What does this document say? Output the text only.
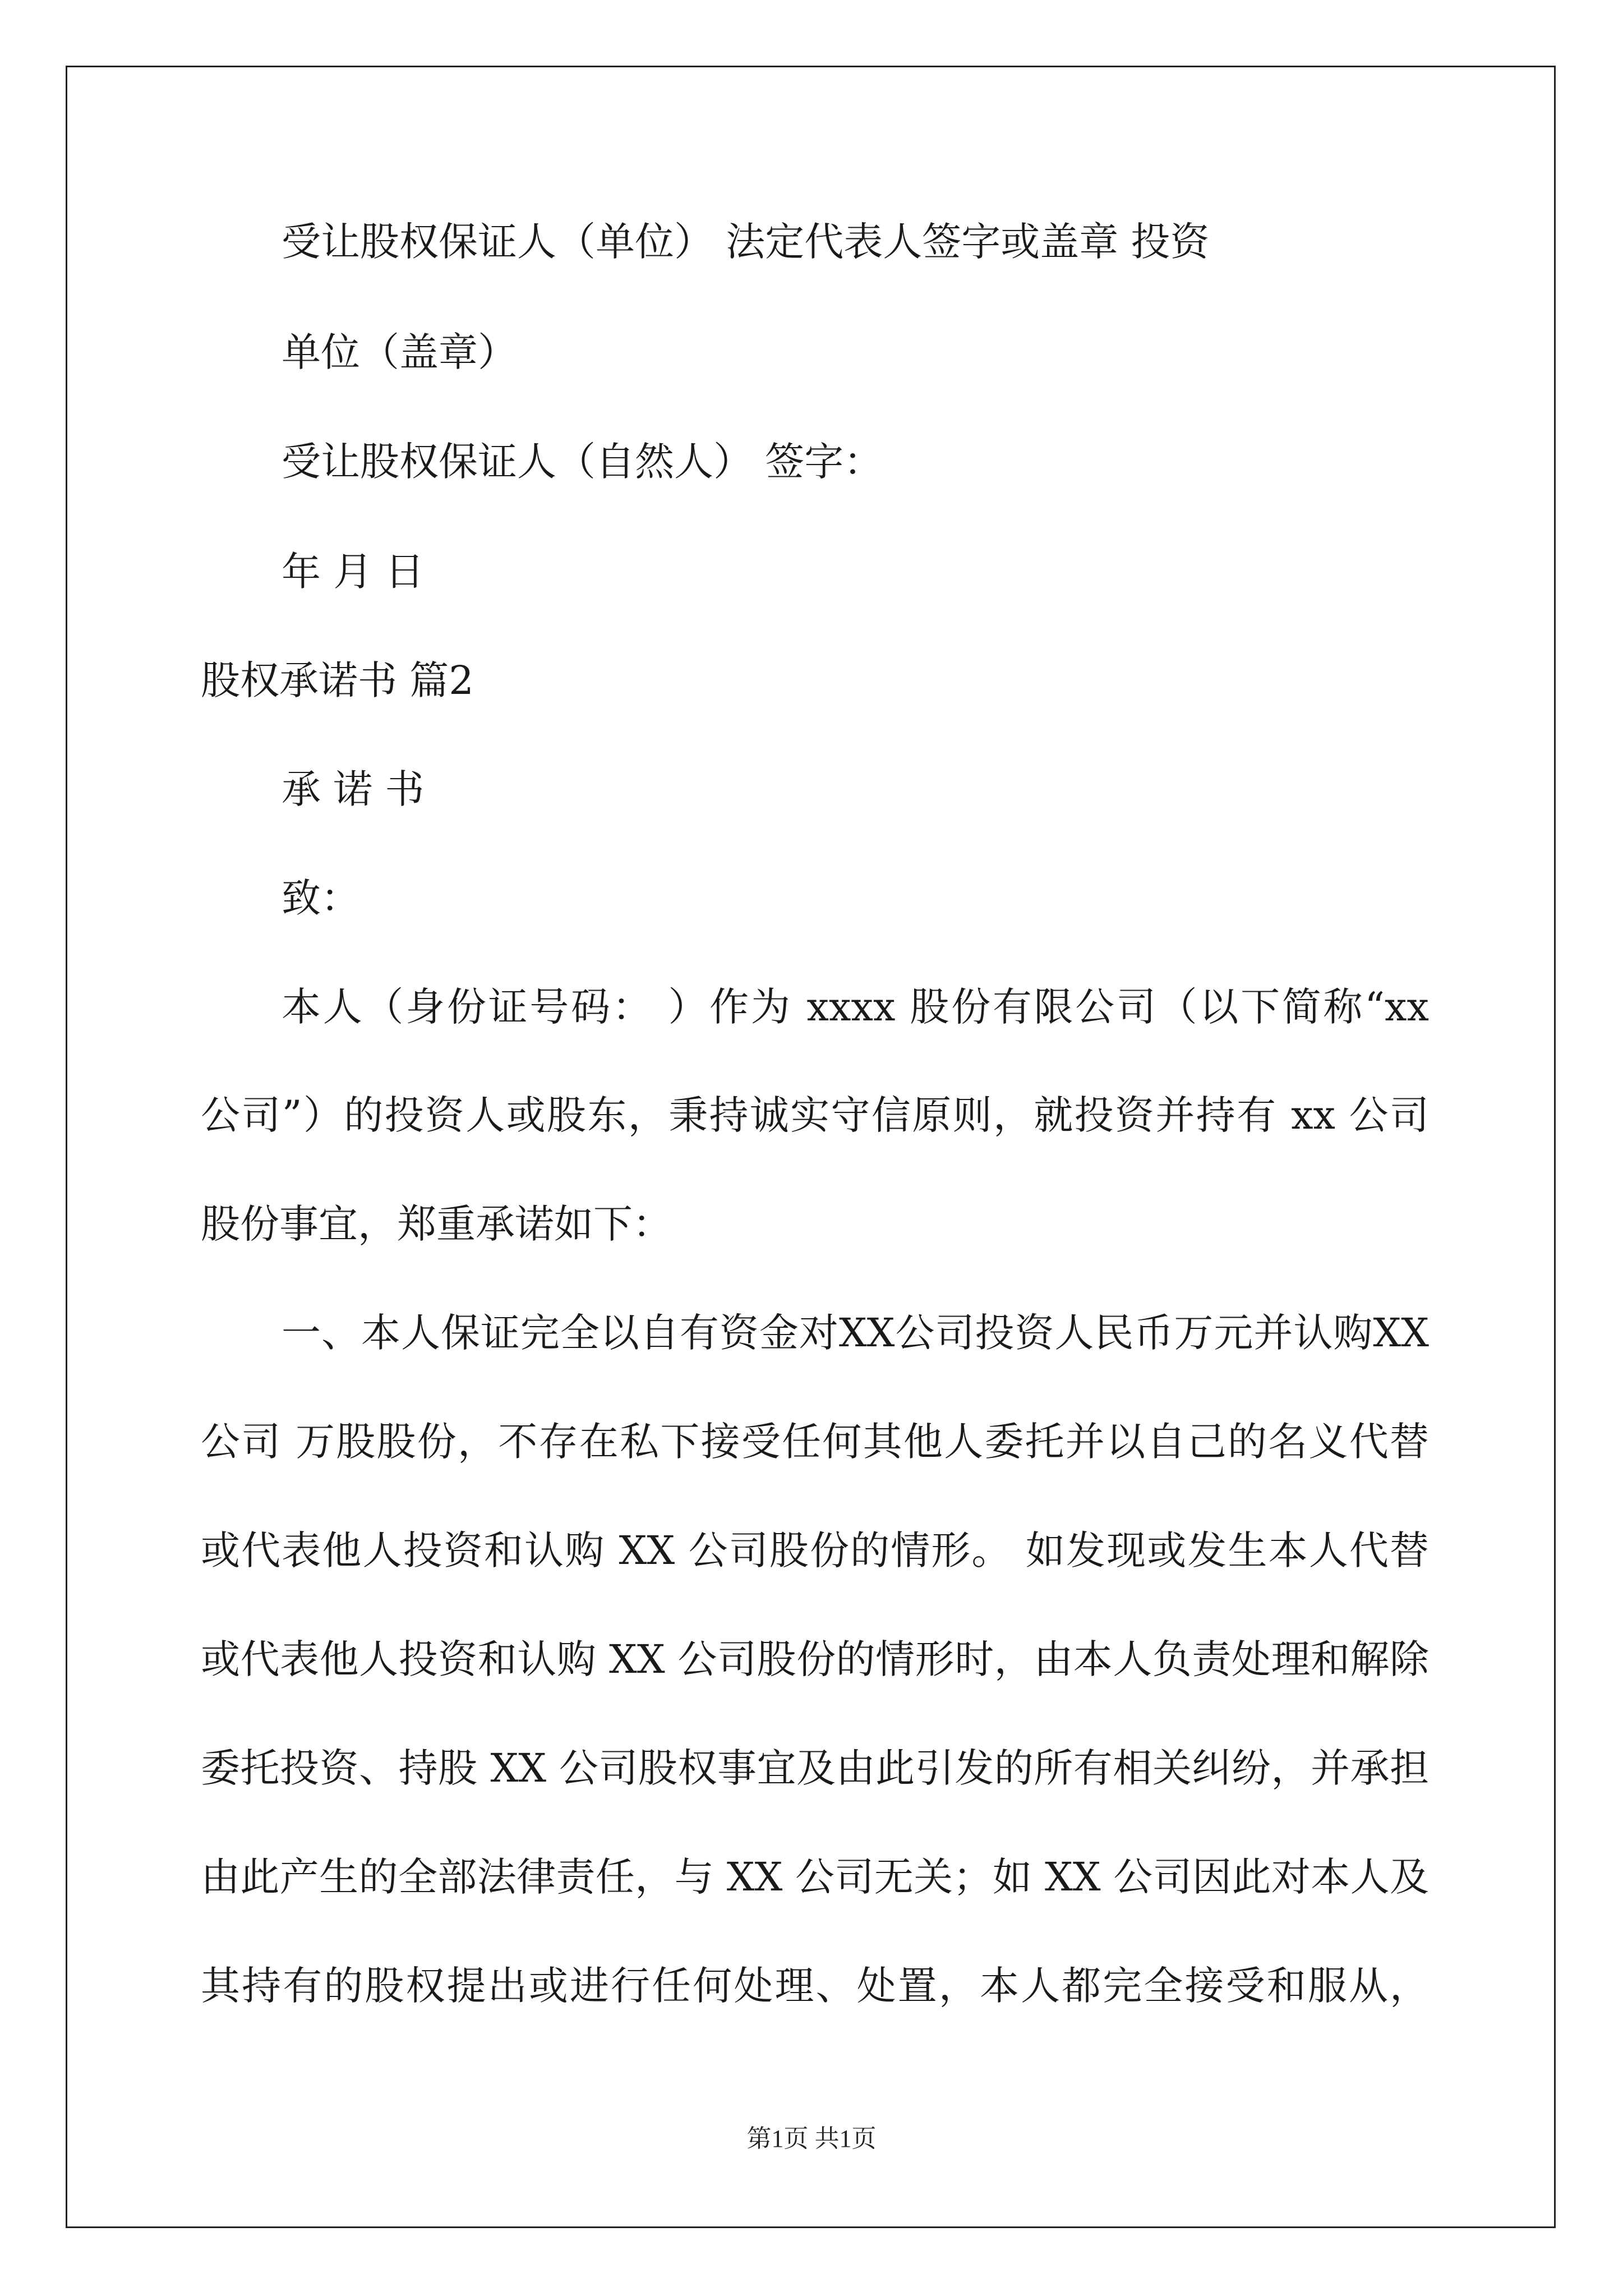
受让股权保证人（单位） 法定代表人签字或盖章 投资
单位（盖章）
受让股权保证人（自然人） 签字：
年 月 日
股权承诺书 篇2
承 诺 书
致：
本人（身份证号码： ）作为 xxxx 股份有限公司（以下简称“xx
公司”）的投资人或股东，秉持诚实守信原则，就投资并持有 xx 公司
股份事宜，郑重承诺如下：
一、本人保证完全以自有资金对XX公司投资人民币万元并认购XX
公司 万股股份，不存在私下接受任何其他人委托并以自己的名义代替
或代表他人投资和认购 XX 公司股份的情形。 如发现或发生本人代替
或代表他人投资和认购 XX 公司股份的情形时，由本人负责处理和解除
委托投资、持股 XX 公司股权事宜及由此引发的所有相关纠纷，并承担
由此产生的全部法律责任，与 XX 公司无关；如 XX 公司因此对本人及
其持有的股权提出或进行任何处理、处置，本人都完全接受和服从，
第1页 共1页
